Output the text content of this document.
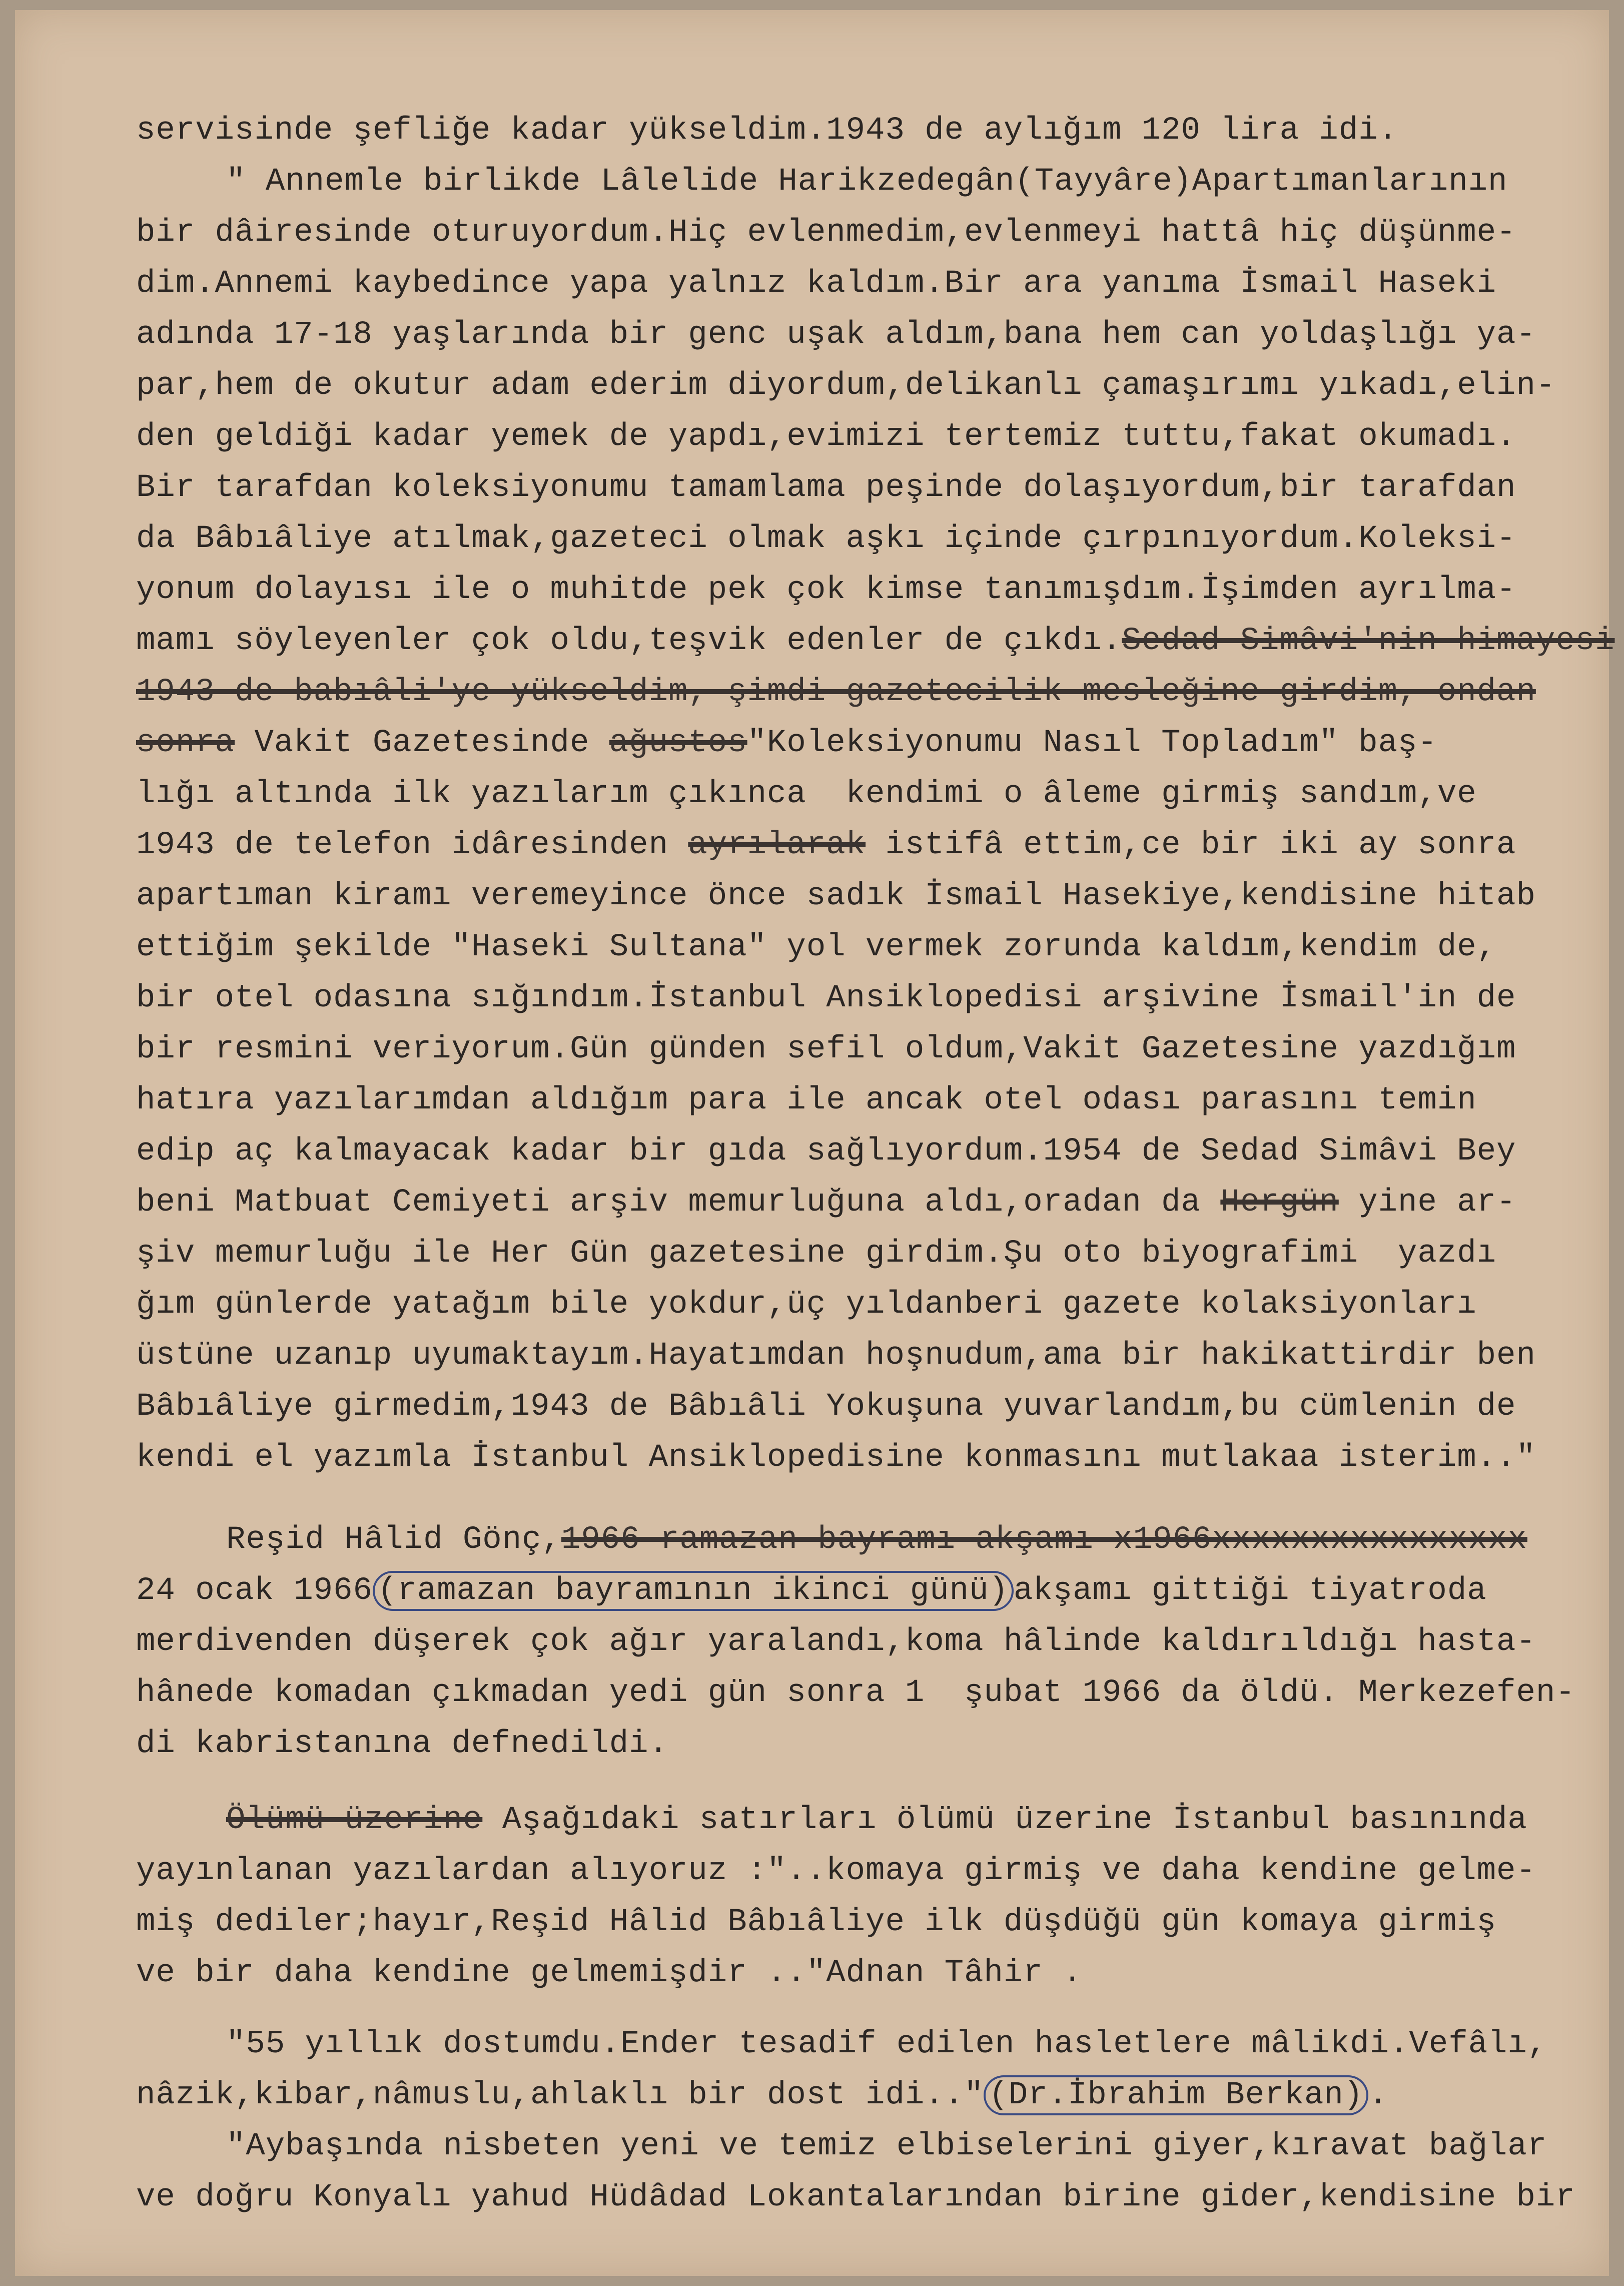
servisinde şefliğe kadar yükseldim.1943 de aylığım 120 lira idi.
" Annemle birlikde Lâlelide Harikzedegân(Tayyâre)Apartımanlarının
bir dâiresinde oturuyordum.Hiç evlenmedim,evlenmeyi hattâ hiç düşünme-
dim.Annemi kaybedince yapa yalnız kaldım.Bir ara yanıma İsmail Haseki
adında 17-18 yaşlarında bir genc uşak aldım,bana hem can yoldaşlığı ya-
par,hem de okutur adam ederim diyordum,delikanlı çamaşırımı yıkadı,elin-
den geldiği kadar yemek de yapdı,evimizi tertemiz tuttu,fakat okumadı.
Bir tarafdan koleksiyonumu tamamlama peşinde dolaşıyordum,bir tarafdan
da Bâbıâliye atılmak,gazeteci olmak aşkı içinde çırpınıyordum.Koleksi-
yonum dolayısı ile o muhitde pek çok kimse tanımışdım.İşimden ayrılma-
mamı söyleyenler çok oldu,teşvik edenler de çıkdı.Sedad Simâvi'nin himayesi
1943 de babıâli'ye yükseldim, şimdi gazetecilik mesleğine girdim, ondan
sonra Vakit Gazetesinde ağustos"Koleksiyonumu Nasıl Topladım" baş-
lığı altında ilk yazılarım çıkınca  kendimi o âleme girmiş sandım,ve
1943 de telefon idâresinden ayrılarak istifâ ettim,ce bir iki ay sonra
apartıman kiramı veremeyince önce sadık İsmail Hasekiye,kendisine hitab
ettiğim şekilde "Haseki Sultana" yol vermek zorunda kaldım,kendim de,
bir otel odasına sığındım.İstanbul Ansiklopedisi arşivine İsmail'in de
bir resmini veriyorum.Gün günden sefil oldum,Vakit Gazetesine yazdığım
hatıra yazılarımdan aldığım para ile ancak otel odası parasını temin
edip aç kalmayacak kadar bir gıda sağlıyordum.1954 de Sedad Simâvi Bey
beni Matbuat Cemiyeti arşiv memurluğuna aldı,oradan da Hergün yine ar-
şiv memurluğu ile Her Gün gazetesine girdim.Şu oto biyografimi  yazdı
ğım günlerde yatağım bile yokdur,üç yıldanberi gazete kolaksiyonları
üstüne uzanıp uyumaktayım.Hayatımdan hoşnudum,ama bir hakikattirdir ben
Bâbıâliye girmedim,1943 de Bâbıâli Yokuşuna yuvarlandım,bu cümlenin de
kendi el yazımla İstanbul Ansiklopedisine konmasını mutlakaa isterim.."
Reşid Hâlid Gönç,1966 ramazan bayramı akşamı x1966xxxxxxxxxxxxxxxx
24 ocak 1966 (ramazan bayramının ikinci günü) akşamı gittiği tiyatroda
merdivenden düşerek çok ağır yaralandı,koma hâlinde kaldırıldığı hasta-
hânede komadan çıkmadan yedi gün sonra 1  şubat 1966 da öldü. Merkezefen-
di kabristanına defnedildi.
Ölümü üzerine Aşağıdaki satırları ölümü üzerine İstanbul basınında
yayınlanan yazılardan alıyoruz :"..komaya girmiş ve daha kendine gelme-
miş dediler;hayır,Reşid Hâlid Bâbıâliye ilk düşdüğü gün komaya girmiş
ve bir daha kendine gelmemişdir .."Adnan Tâhir .
"55 yıllık dostumdu.Ender tesadif edilen hasletlere mâlikdi.Vefâlı,
nâzik,kibar,nâmuslu,ahlaklı bir dost idi.." (Dr.İbrahim Berkan) .
"Aybaşında nisbeten yeni ve temiz elbiselerini giyer,kıravat bağlar
ve doğru Konyalı yahud Hüdâdad Lokantalarından birine gider,kendisine bir
